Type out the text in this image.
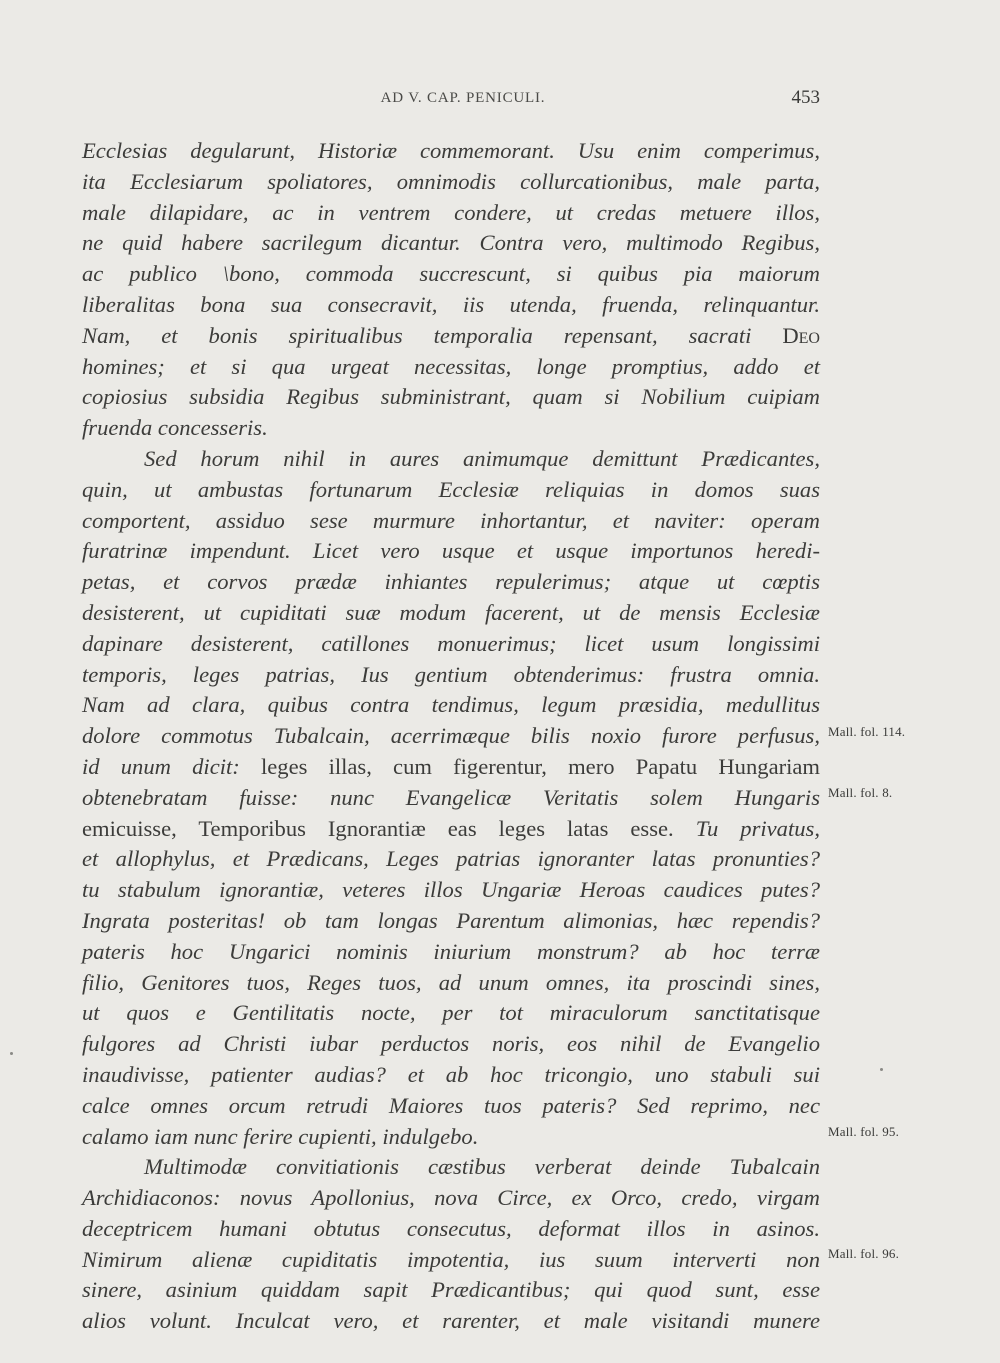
AD V. CAP. PENICULI.	453
Ecclesias degularunt, Historiæ commemorant. Usu enim comperimus,
ita Ecclesiarum spoliatores, omnimodis collurcationibus, male parta,
male dilapidare, ac in ventrem condere, ut credas metuere illos,
ne quid habere sacrilegum dicantur. Contra vero, multimodo Regibus,
ac publico \bono, commoda succrescunt, si quibus pia maiorum
liberalitas bona sua consecravit, iis utenda, fruenda, relinquantur.
Nam, et bonis spiritualibus temporalia repensant, sacrati Deo
homines; et si qua urgeat necessitas, longe promptius, addo et
copiosius subsidia Regibus subministrant, quam si Nobilium cuipiam
fruenda concesseris.
Sed horum nihil in aures animumque demittunt Prædicantes,
quin, ut ambustas fortunarum Ecclesiæ reliquias in domos suas
comportent, assiduo sese murmure inhortantur, et naviter: operam
furatrinæ impendunt. Licet vero usque et usque importunos heredi-
petas, et corvos prædæ inhiantes repulerimus; atque ut cœptis
desisterent, ut cupiditati suæ modum facerent, ut de mensis Ecclesiæ
dapinare desisterent, catillones monuerimus; licet usum longissimi
temporis, leges patrias, Ius gentium obtenderimus: frustra omnia.
Nam ad clara, quibus contra tendimus, legum præsidia, medullitus
dolore commotus Tubalcain, acerrimæque bilis noxio furore perfusus,
id unum dicit: leges illas, cum figerentur, mero Papatu Hungariam
obtenebratam fuisse: nunc Evangelicæ Veritatis solem Hungaris
emicuisse, Temporibus Ignorantiæ eas leges latas esse. Tu privatus,
et allophylus, et Prædicans, Leges patrias ignoranter latas pronunties?
tu stabulum ignorantiæ, veteres illos Ungariæ Heroas caudices putes?
Ingrata posteritas! ob tam longas Parentum alimonias, hæc rependis?
pateris hoc Ungarici nominis iniurium monstrum? ab hoc terræ
filio, Genitores tuos, Reges tuos, ad unum omnes, ita proscindi sines,
ut quos e Gentilitatis nocte, per tot miraculorum sanctitatisque
fulgores ad Christi iubar perductos noris, eos nihil de Evangelio
inaudivisse, patienter audias? et ab hoc tricongio, uno stabuli sui
calce omnes orcum retrudi Maiores tuos pateris? Sed reprimo, nec
calamo iam nunc ferire cupienti, indulgebo.
Multimodæ convitiationis cæstibus verberat deinde Tubalcain
Archidiaconos: novus Apollonius, nova Circe, ex Orco, credo, virgam
deceptricem humani obtutus consecutus, deformat illos in asinos.
Nimirum alienæ cupiditatis impotentia, ius suum interverti non
sinere, asinium quiddam sapit Prædicantibus; qui quod sunt, esse
alios volunt. Inculcat vero, et rarenter, et male visitandi munere
Mall. fol. 114.
Mall. fol. 8.
Mall. fol. 95.
Mall. fol. 96.
